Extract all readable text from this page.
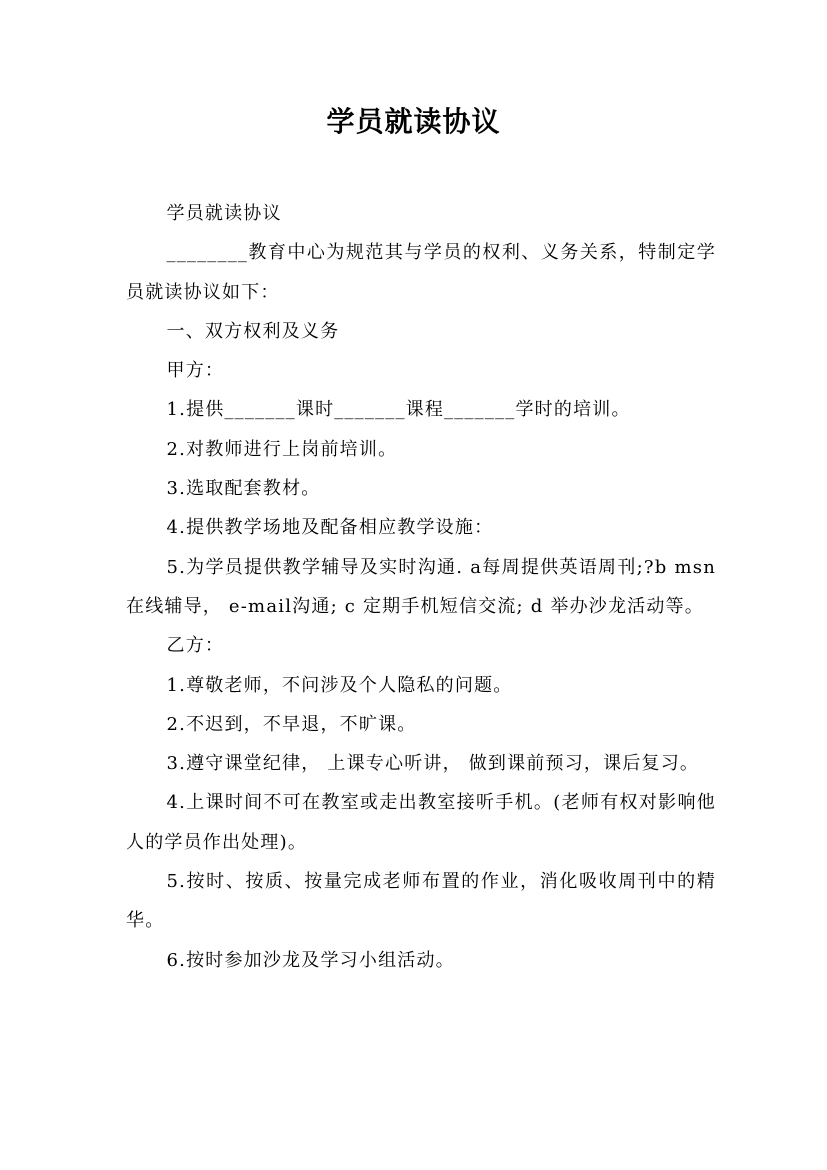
学员就读协议

学员就读协议

________教育中心为规范其与学员的权利、义务关系，特制定学员就读协议如下：

一、双方权利及义务

甲方：

1.提供_______课时_______课程_______学时的培训。

2.对教师进行上岗前培训。

3.选取配套教材。

4.提供教学场地及配备相应教学设施：

5.为学员提供教学辅导及实时沟通. a每周提供英语周刊;?b msn在线辅导， e-mail沟通; c 定期手机短信交流; d 举办沙龙活动等。

乙方：

1.尊敬老师，不问涉及个人隐私的问题。

2.不迟到，不早退，不旷课。

3.遵守课堂纪律， 上课专心听讲， 做到课前预习，课后复习。

4.上课时间不可在教室或走出教室接听手机。(老师有权对影响他人的学员作出处理)。

5.按时、按质、按量完成老师布置的作业，消化吸收周刊中的精华。

6.按时参加沙龙及学习小组活动。
